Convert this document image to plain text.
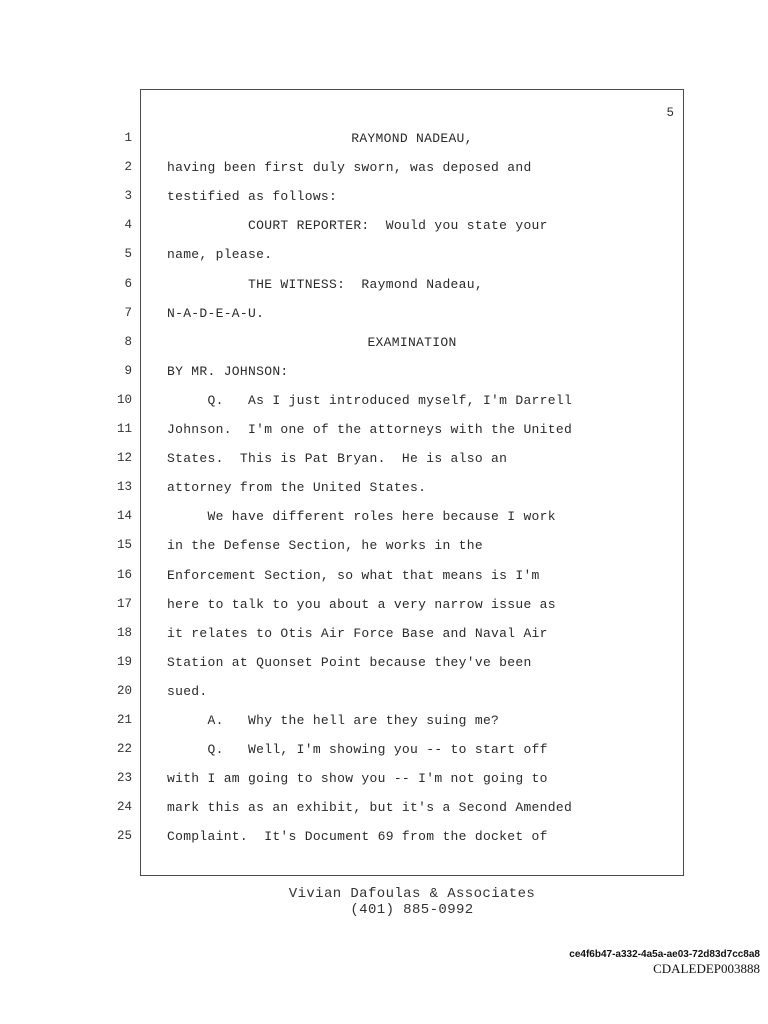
5
1	RAYMOND NADEAU,
2	having been first duly sworn, was deposed and
3	testified as follows:
4	COURT REPORTER:  Would you state your
5	name, please.
6	THE WITNESS:  Raymond Nadeau,
7	N-A-D-E-A-U.
8	EXAMINATION
9	BY MR. JOHNSON:
10	Q.   As I just introduced myself, I'm Darrell
11	Johnson.  I'm one of the attorneys with the United
12	States.  This is Pat Bryan.  He is also an
13	attorney from the United States.
14	We have different roles here because I work
15	in the Defense Section, he works in the
16	Enforcement Section, so what that means is I'm
17	here to talk to you about a very narrow issue as
18	it relates to Otis Air Force Base and Naval Air
19	Station at Quonset Point because they've been
20	sued.
21	A.   Why the hell are they suing me?
22	Q.   Well, I'm showing you -- to start off
23	with I am going to show you -- I'm not going to
24	mark this as an exhibit, but it's a Second Amended
25	Complaint.  It's Document 69 from the docket of
Vivian Dafoulas & Associates
(401) 885-0992
ce4f6b47-a332-4a5a-ae03-72d83d7cc8a8
CDALEDEP003888
